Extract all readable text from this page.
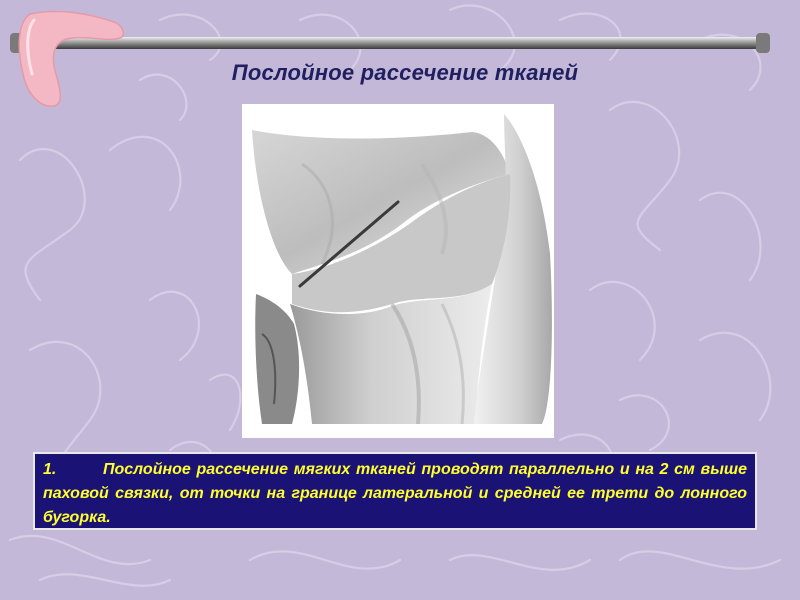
Послойное рассечение тканей
1.	Послойное рассечение мягких тканей проводят параллельно и на 2 см выше паховой связки, от точки на границе латеральной и средней ее трети до лонного бугорка.
